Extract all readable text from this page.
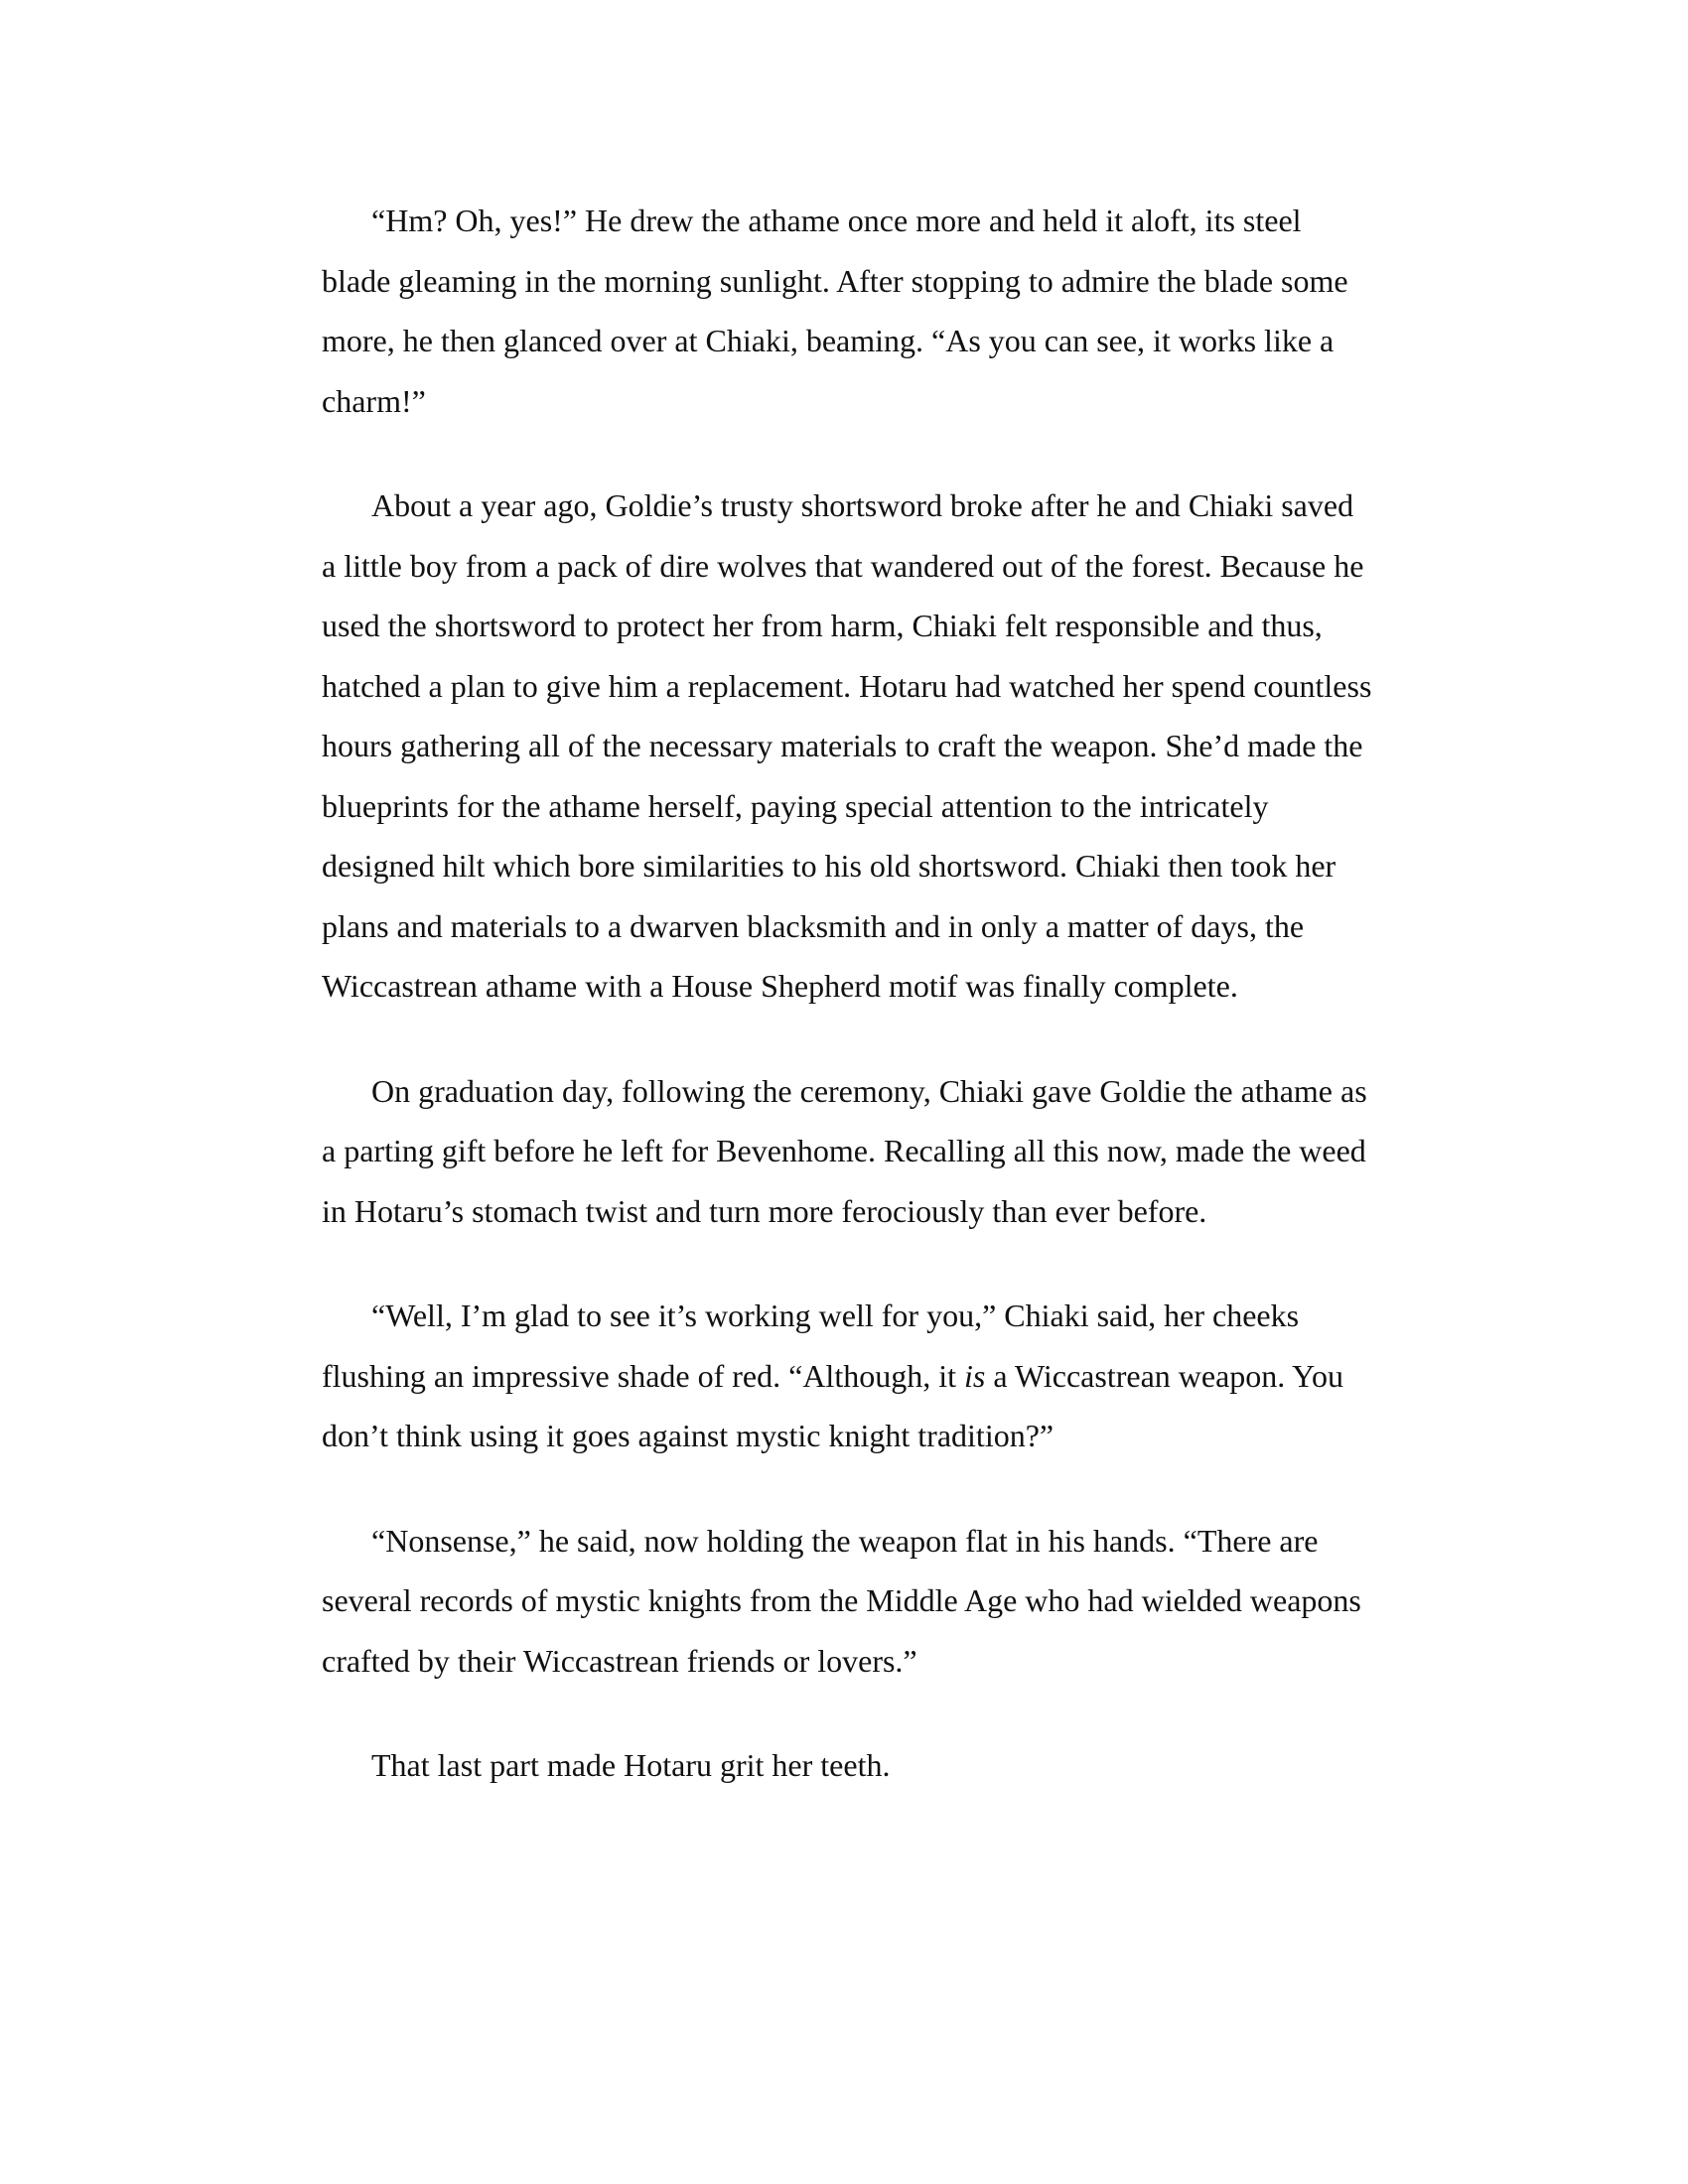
“Hm? Oh, yes!” He drew the athame once more and held it aloft, its steel blade gleaming in the morning sunlight. After stopping to admire the blade some more, he then glanced over at Chiaki, beaming. “As you can see, it works like a charm!”

About a year ago, Goldie’s trusty shortsword broke after he and Chiaki saved a little boy from a pack of dire wolves that wandered out of the forest. Because he used the shortsword to protect her from harm, Chiaki felt responsible and thus, hatched a plan to give him a replacement. Hotaru had watched her spend countless hours gathering all of the necessary materials to craft the weapon. She’d made the blueprints for the athame herself, paying special attention to the intricately designed hilt which bore similarities to his old shortsword. Chiaki then took her plans and materials to a dwarven blacksmith and in only a matter of days, the Wiccastrean athame with a House Shepherd motif was finally complete.

On graduation day, following the ceremony, Chiaki gave Goldie the athame as a parting gift before he left for Bevenhome. Recalling all this now, made the weed in Hotaru’s stomach twist and turn more ferociously than ever before.

“Well, I’m glad to see it’s working well for you,” Chiaki said, her cheeks flushing an impressive shade of red. “Although, it is a Wiccastrean weapon. You don’t think using it goes against mystic knight tradition?”

“Nonsense,” he said, now holding the weapon flat in his hands. “There are several records of mystic knights from the Middle Age who had wielded weapons crafted by their Wiccastrean friends or lovers.”

That last part made Hotaru grit her teeth.
